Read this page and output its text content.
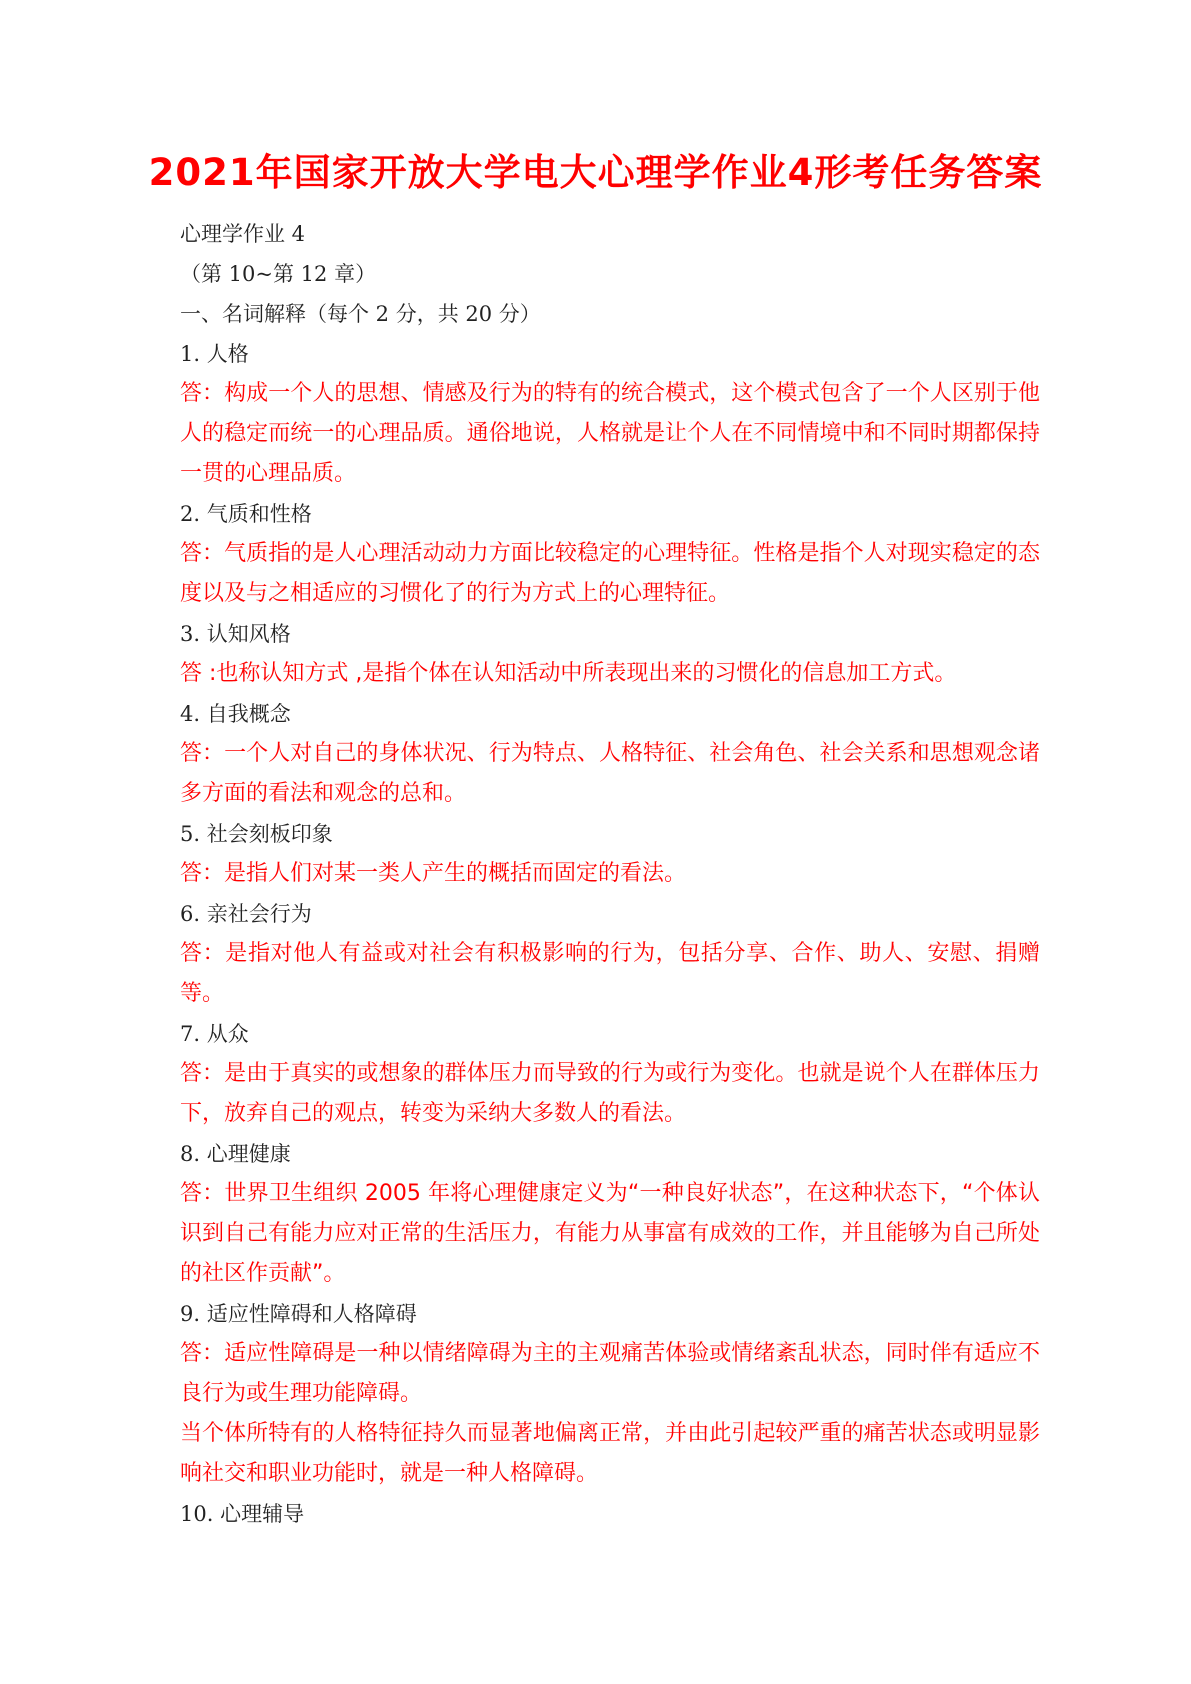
2021年国家开放大学电大心理学作业4形考任务答案
心理学作业 4
（第 10~第 12 章）
一、名词解释（每个 2 分，共 20 分）
1. 人格

答：构成一个人的思想、情感及行为的特有的统合模式，这个模式包含了一个人区别于他人的稳定而统一的心理品质。通俗地说，人格就是让个人在不同情境中和不同时期都保持一贯的心理品质。

2. 气质和性格

答：气质指的是人心理活动动力方面比较稳定的心理特征。性格是指个人对现实稳定的态度以及与之相适应的习惯化了的行为方式上的心理特征。

3. 认知风格

答 :也称认知方式 ,是指个体在认知活动中所表现出来的习惯化的信息加工方式。

4. 自我概念

答：一个人对自己的身体状况、行为特点、人格特征、社会角色、社会关系和思想观念诸多方面的看法和观念的总和。

5. 社会刻板印象

答：是指人们对某一类人产生的概括而固定的看法。

6. 亲社会行为

答：是指对他人有益或对社会有积极影响的行为，包括分享、合作、助人、安慰、捐赠等。

7. 从众

答：是由于真实的或想象的群体压力而导致的行为或行为变化。也就是说个人在群体压力下，放弃自己的观点，转变为采纳大多数人的看法。

8. 心理健康

答：世界卫生组织 2005 年将心理健康定义为“一种良好状态”，在这种状态下，“个体认识到自己有能力应对正常的生活压力，有能力从事富有成效的工作，并且能够为自己所处的社区作贡献”。

9. 适应性障碍和人格障碍

答：适应性障碍是一种以情绪障碍为主的主观痛苦体验或情绪紊乱状态，同时伴有适应不良行为或生理功能障碍。

当个体所特有的人格特征持久而显著地偏离正常，并由此引起较严重的痛苦状态或明显影响社交和职业功能时，就是一种人格障碍。

10. 心理辅导
